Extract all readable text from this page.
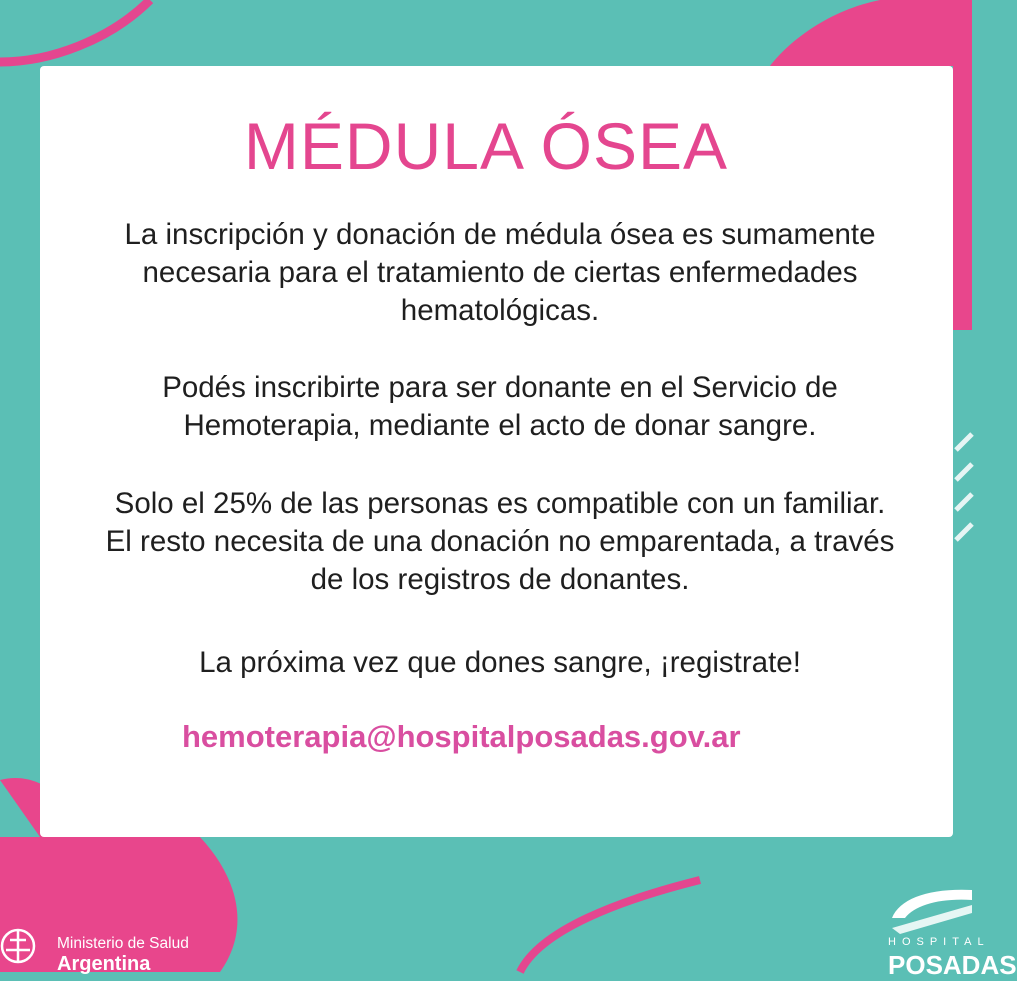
MÉDULA ÓSEA
La inscripción y donación de médula ósea es sumamente necesaria para el tratamiento de ciertas enfermedades hematológicas.
Podés inscribirte para ser donante en el Servicio de Hemoterapia, mediante el acto de donar sangre.
Solo el 25% de las personas es compatible con un familiar. El resto necesita de una donación no emparentada, a través de los registros de donantes.
La próxima vez que dones sangre, ¡registrate!
hemoterapia@hospitalposadas.gov.ar
Ministerio de Salud
Argentina
HOSPITAL
POSADAS
